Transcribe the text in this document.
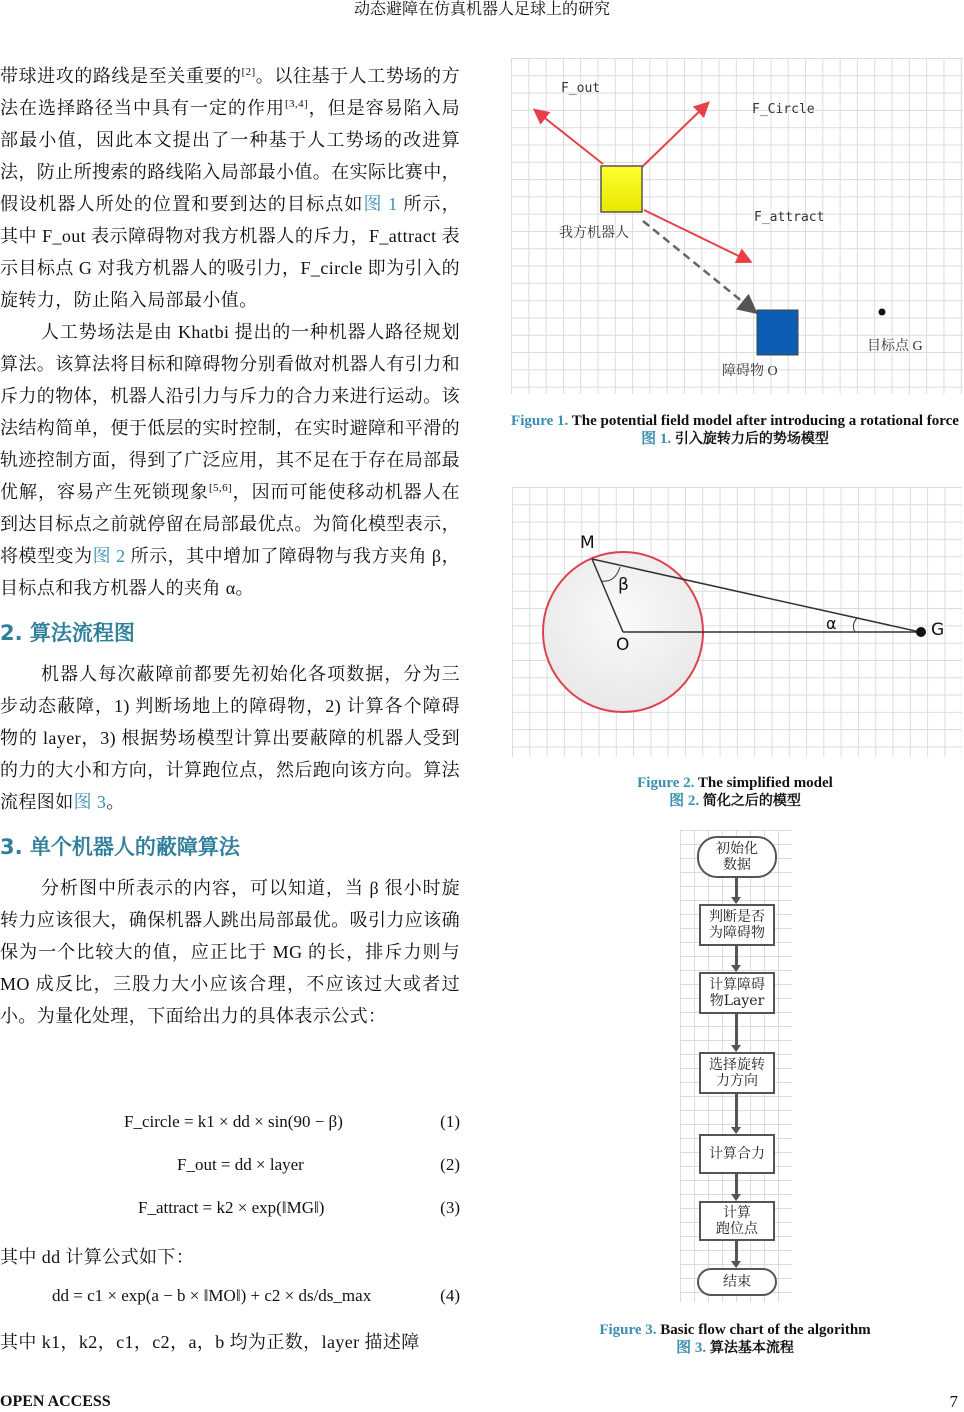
动态避障在仿真机器人足球上的研究

带球进攻的路线是至关重要的[2]。以往基于人工势场的方法在选择路径当中具有一定的作用[3,4]，但是容易陷入局部最小值，因此本文提出了一种基于人工势场的改进算法，防止所搜索的路线陷入局部最小值。在实际比赛中，假设机器人所处的位置和要到达的目标点如图 1 所示，其中 F_out 表示障碍物对我方机器人的斥力，F_attract 表示目标点 G 对我方机器人的吸引力，F_circle 即为引入的旋转力，防止陷入局部最小值。

人工势场法是由 Khatbi 提出的一种机器人路径规划算法。该算法将目标和障碍物分别看做对机器人有引力和斥力的物体，机器人沿引力与斥力的合力来进行运动。该法结构简单，便于低层的实时控制，在实时避障和平滑的轨迹控制方面，得到了广泛应用，其不足在于存在局部最优解，容易产生死锁现象[5,6]，因而可能使移动机器人在到达目标点之前就停留在局部最优点。为简化模型表示，将模型变为图 2 所示，其中增加了障碍物与我方夹角 β，目标点和我方机器人的夹角 α。

2. 算法流程图

机器人每次蔽障前都要先初始化各项数据，分为三步动态蔽障，1) 判断场地上的障碍物，2) 计算各个障碍物的 layer，3) 根据势场模型计算出要蔽障的机器人受到的力的大小和方向，计算跑位点，然后跑向该方向。算法流程图如图 3。

3. 单个机器人的蔽障算法

分析图中所表示的内容，可以知道，当 β 很小时旋转力应该很大，确保机器人跳出局部最优。吸引力应该确保为一个比较大的值，应正比于 MG 的长，排斥力则与 MO 成反比，三股力大小应该合理，不应该过大或者过小。为量化处理，下面给出力的具体表示公式：

F_circle = k1 × dd × sin(90 − β)	(1)
F_out = dd × layer	(2)
F_attract = k2 × exp(‖MG‖)	(3)

其中 dd 计算公式如下：

dd = c1 × exp(a − b × ‖MO‖) + c2 × ds/ds_max	(4)

其中 k1，k2，c1，c2，a，b 均为正数，layer 描述障

F_out
F_Circle
F_attract
我方机器人
障碍物 O
目标点 G
Figure 1. The potential field model after introducing a rotational force
图 1. 引入旋转力后的势场模型
M
O
G
β
α
Figure 2. The simplified model
图 2. 简化之后的模型
初始化
数据
判断是否
为障碍物
计算障碍
物Layer
选择旋转
力方向
计算合力
计算
跑位点
结束
Figure 3. Basic flow chart of the algorithm
图 3. 算法基本流程
OPEN ACCESS	7
